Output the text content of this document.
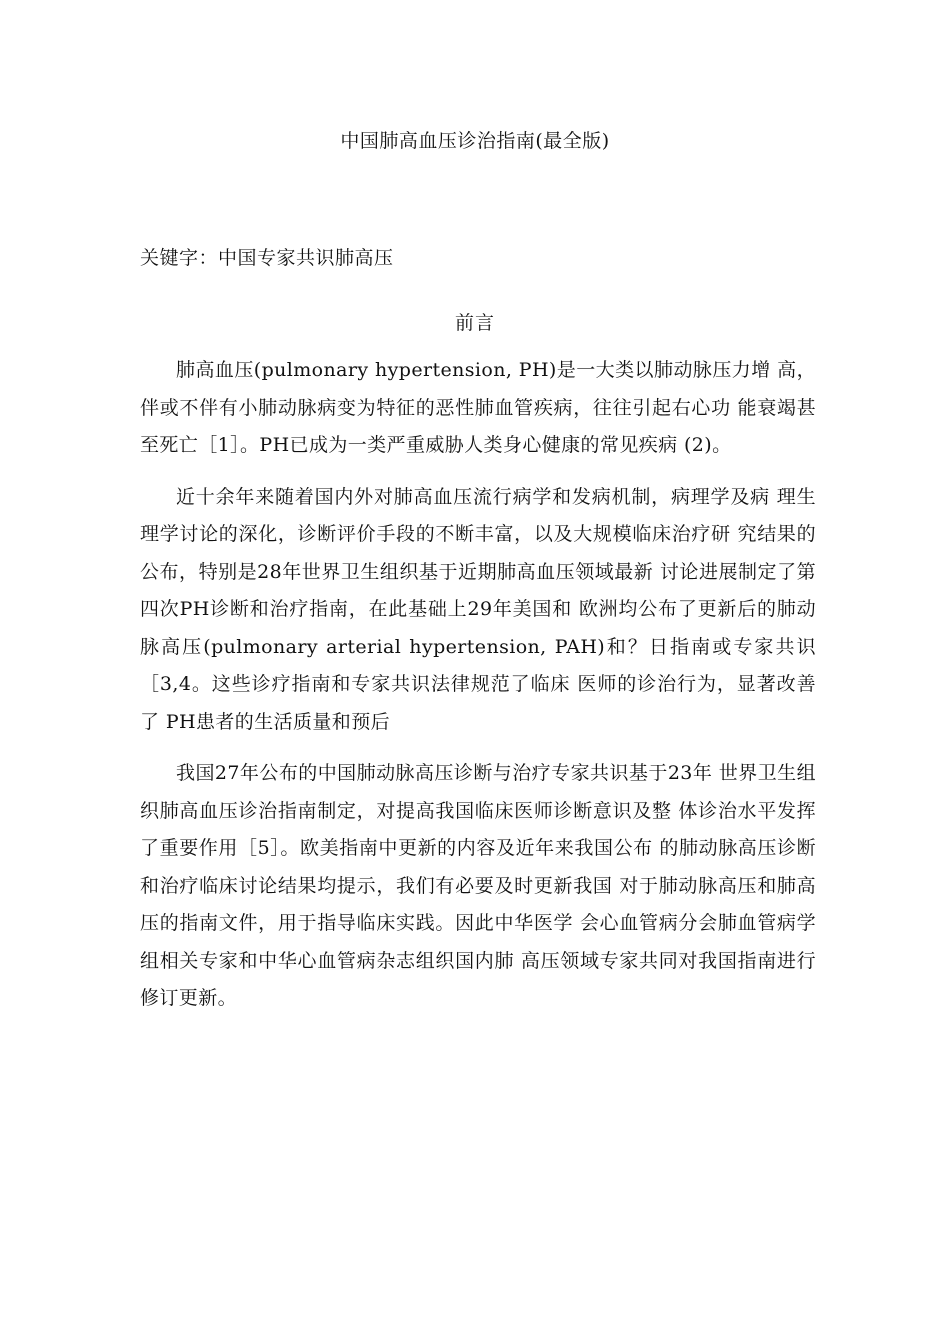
中国肺高血压诊治指南(最全版)
关键字：中国专家共识肺高压
前言

肺高血压(pulmonary hypertension, PH)是一大类以肺动脉压力增 高，伴或不伴有小肺动脉病变为特征的恶性肺血管疾病，往往引起右心功 能衰竭甚至死亡［1］。PH已成为一类严重威胁人类身心健康的常见疾病 (2)。

近十余年来随着国内外对肺高血压流行病学和发病机制，病理学及病 理生理学讨论的深化，诊断评价手段的不断丰富，以及大规模临床治疗研 究结果的公布，特别是28年世界卫生组织基于近期肺高血压领域最新 讨论进展制定了第四次PH诊断和治疗指南，在此基础上29年美国和 欧洲均公布了更新后的肺动脉高压(pulmonary arterial hypertension, PAH)和？日指南或专家共识［3,4。这些诊疗指南和专家共识法律规范了临床 医师的诊治行为，显著改善了 PH患者的生活质量和预后

我国27年公布的中国肺动脉高压诊断与治疗专家共识基于23年 世界卫生组织肺高血压诊治指南制定，对提高我国临床医师诊断意识及整 体诊治水平发挥了重要作用［5］。欧美指南中更新的内容及近年来我国公布 的肺动脉高压诊断和治疗临床讨论结果均提示，我们有必要及时更新我国 对于肺动脉高压和肺高压的指南文件，用于指导临床实践。因此中华医学 会心血管病分会肺血管病学组相关专家和中华心血管病杂志组织国内肺 高压领域专家共同对我国指南进行修订更新。
